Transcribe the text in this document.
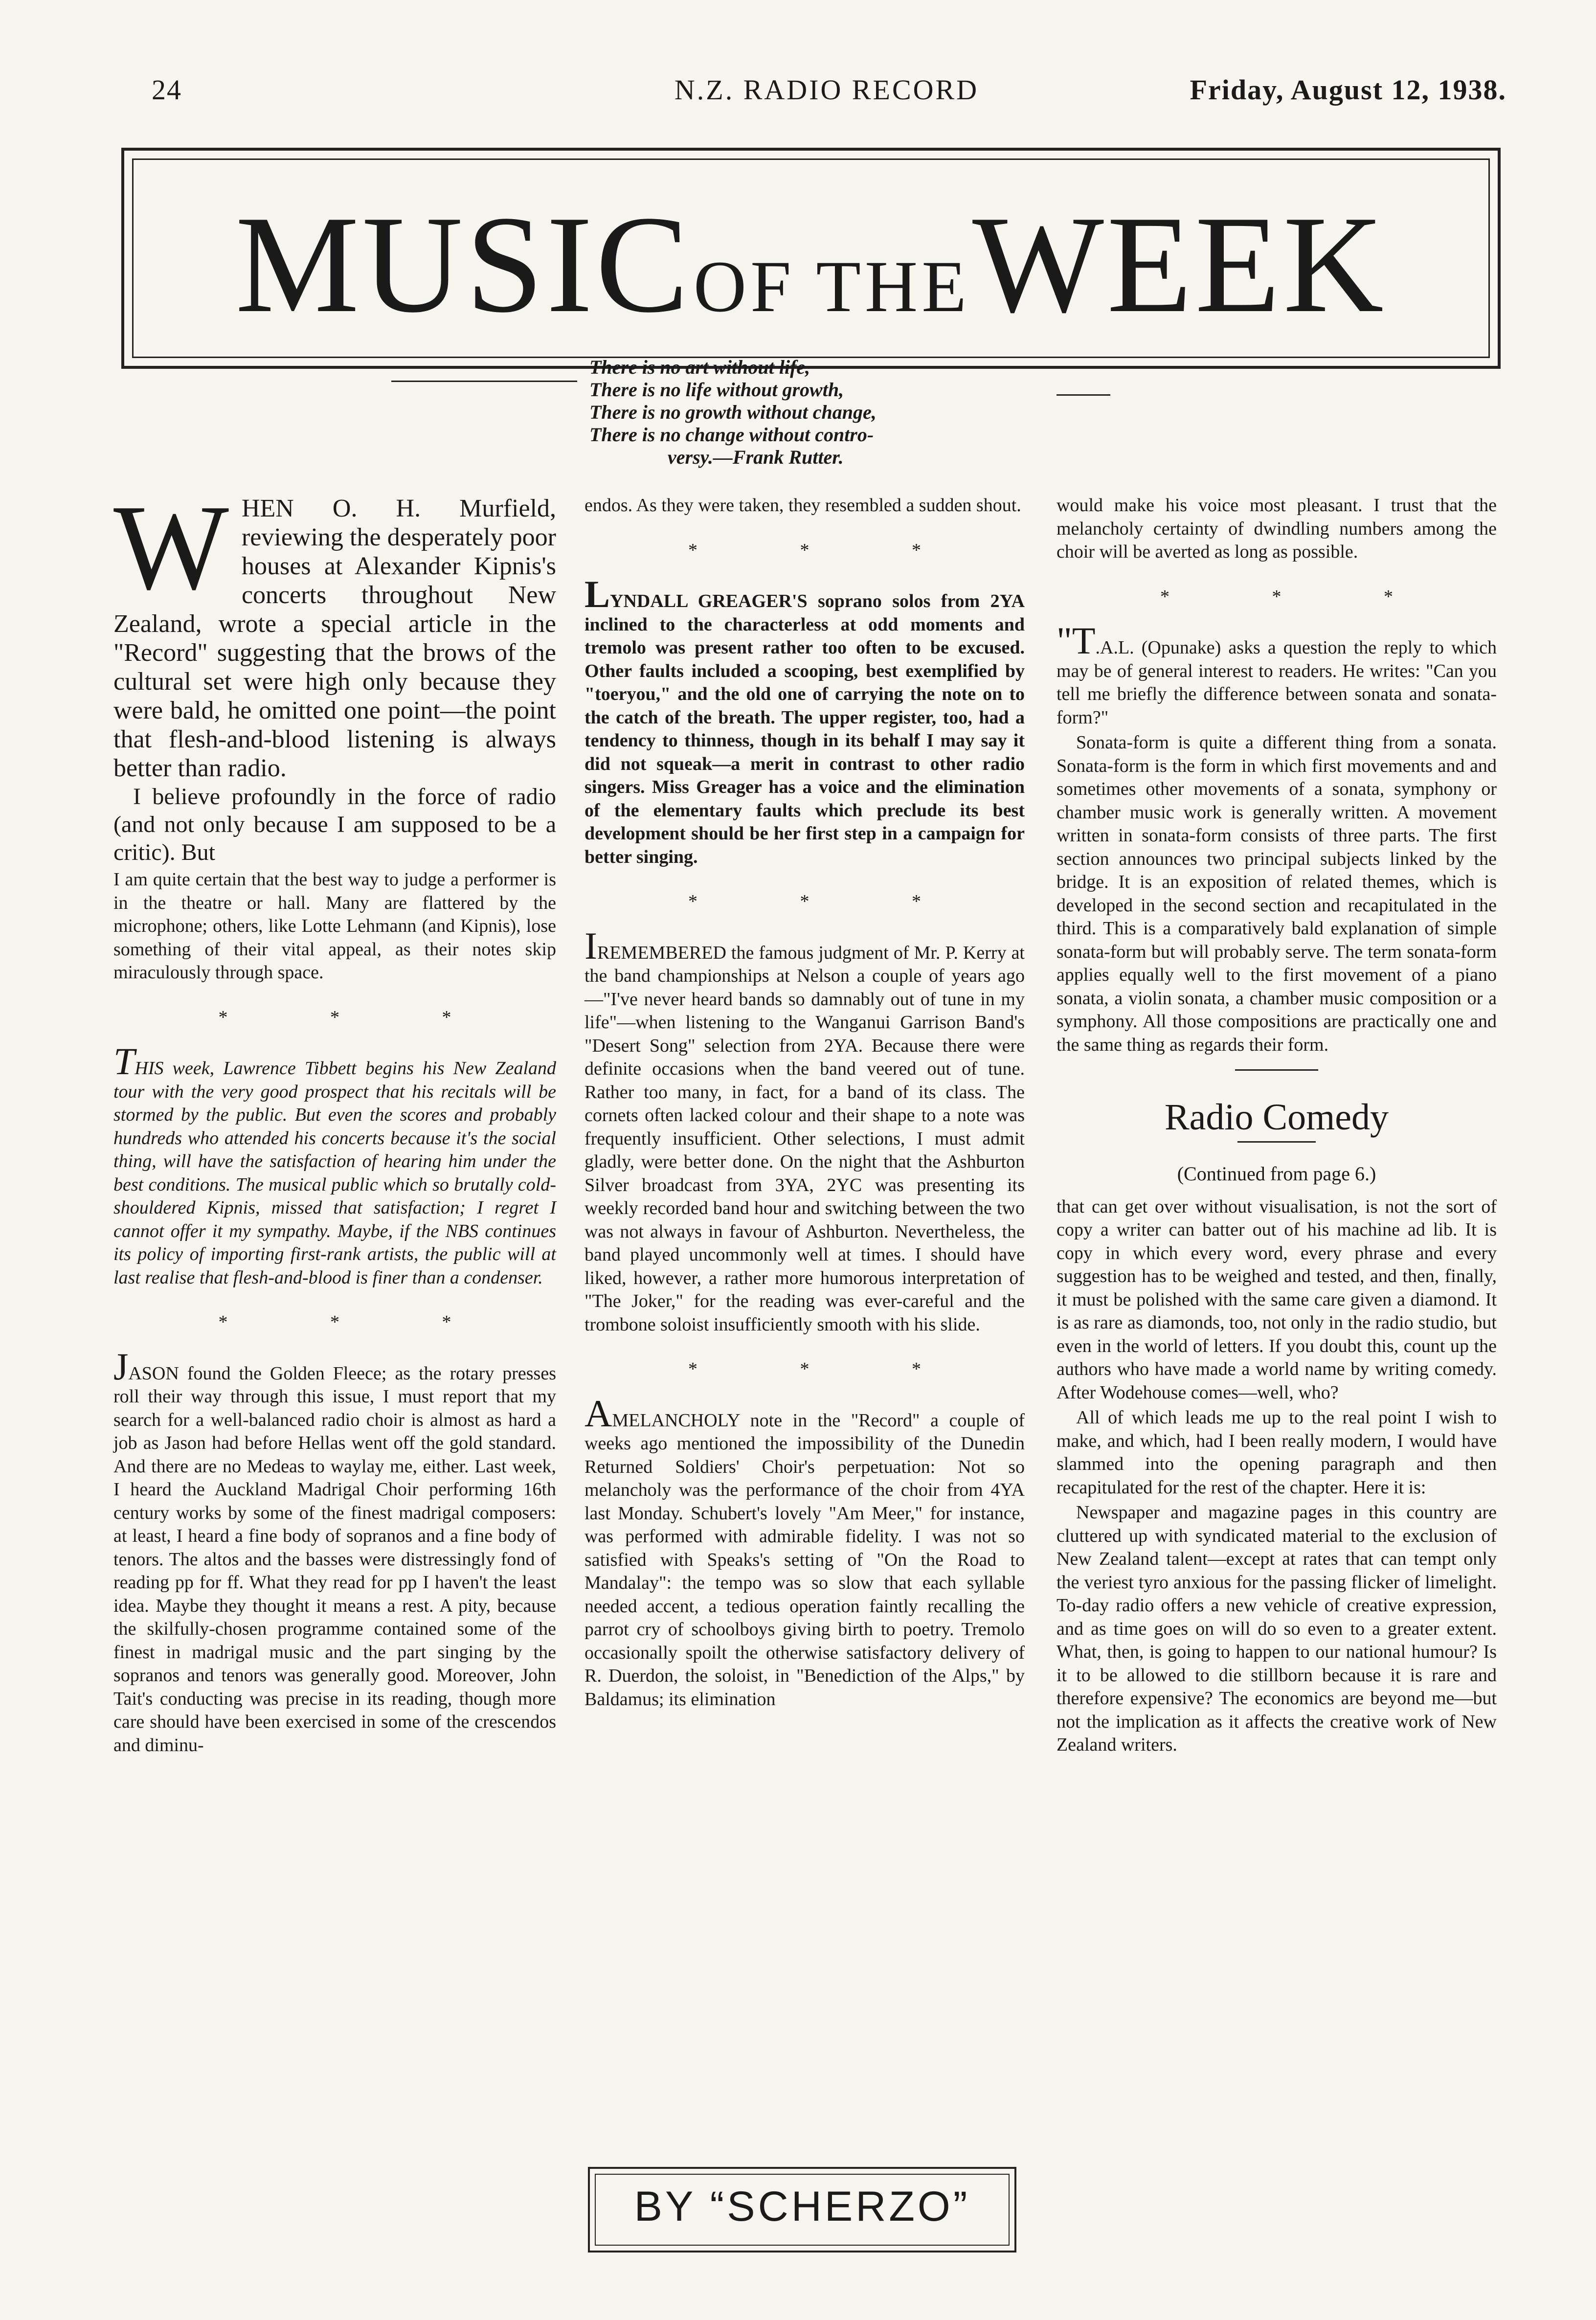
24	N.Z. RADIO RECORD	Friday, August 12, 1938.
MUSIC OF THE WEEK
There is no art without life,
There is no life without growth,
There is no growth without change,
There is no change without contro-
versy.—Frank Rutter.
W HEN O. H. Murfield, reviewing the desperately poor houses at Alexander Kipnis's concerts throughout New Zealand, wrote a special article in the "Record" suggesting that the brows of the cultural set were high only because they were bald, he omitted one point—the point that flesh-and-blood listening is always better than radio.

I believe profoundly in the force of radio (and not only because I am supposed to be a critic). But

I am quite certain that the best way to judge a performer is in the theatre or hall. Many are flattered by the microphone; others, like Lotte Lehmann (and Kipnis), lose something of their vital appeal, as their notes skip miraculously through space.

* * *

THIS week, Lawrence Tibbett begins his New Zealand tour with the very good prospect that his recitals will be stormed by the public. But even the scores and probably hundreds who attended his concerts because it's the social thing, will have the satisfaction of hearing him under the best conditions. The musical public which so brutally cold-shouldered Kipnis, missed that satisfaction; I regret I cannot offer it my sympathy. Maybe, if the NBS continues its policy of importing first-rank artists, the public will at last realise that flesh-and-blood is finer than a condenser.

* * *

JASON found the Golden Fleece; as the rotary presses roll their way through this issue, I must report that my search for a well-balanced radio choir is almost as hard a job as Jason had before Hellas went off the gold standard. And there are no Medeas to waylay me, either. Last week, I heard the Auckland Madrigal Choir performing 16th century works by some of the finest madrigal composers: at least, I heard a fine body of sopranos and a fine body of tenors. The altos and the basses were distressingly fond of reading pp for ff. What they read for pp I haven't the least idea. Maybe they thought it means a rest. A pity, because the skilfully-chosen programme contained some of the finest in madrigal music and the part singing by the sopranos and tenors was generally good. Moreover, John Tait's conducting was precise in its reading, though more care should have been exercised in some of the crescendos and diminu-

endos. As they were taken, they resembled a sudden shout.

* * *

LYNDALL GREAGER'S soprano solos from 2YA inclined to the characterless at odd moments and tremolo was present rather too often to be excused. Other faults included a scooping, best exemplified by "toeryou," and the old one of carrying the note on to the catch of the breath. The upper register, too, had a tendency to thinness, though in its behalf I may say it did not squeak—a merit in contrast to other radio singers. Miss Greager has a voice and the elimination of the elementary faults which preclude its best development should be her first step in a campaign for better singing.

* * *

IREMEMBERED the famous judgment of Mr. P. Kerry at the band championships at Nelson a couple of years ago—"I've never heard bands so damnably out of tune in my life"—when listening to the Wanganui Garrison Band's "Desert Song" selection from 2YA. Because there were definite occasions when the band veered out of tune. Rather too many, in fact, for a band of its class. The cornets often lacked colour and their shape to a note was frequently insufficient. Other selections, I must admit gladly, were better done. On the night that the Ashburton Silver broadcast from 3YA, 2YC was presenting its weekly recorded band hour and switching between the two was not always in favour of Ashburton. Nevertheless, the band played uncommonly well at times. I should have liked, however, a rather more humorous interpretation of "The Joker," for the reading was ever-careful and the trombone soloist insufficiently smooth with his slide.

* * *

AMELANCHOLY note in the "Record" a couple of weeks ago mentioned the impossibility of the Dunedin Returned Soldiers' Choir's perpetuation: Not so melancholy was the performance of the choir from 4YA last Monday. Schubert's lovely "Am Meer," for instance, was performed with admirable fidelity. I was not so satisfied with Speaks's setting of "On the Road to Mandalay": the tempo was so slow that each syllable needed accent, a tedious operation faintly recalling the parrot cry of schoolboys giving birth to poetry. Tremolo occasionally spoilt the otherwise satisfactory delivery of R. Duerdon, the soloist, in "Benediction of the Alps," by Baldamus; its elimination

would make his voice most pleasant. I trust that the melancholy certainty of dwindling numbers among the choir will be averted as long as possible.

* * *

"T.A.L. (Opunake) asks a question the reply to which may be of general interest to readers. He writes: "Can you tell me briefly the difference between sonata and sonata-form?"

Sonata-form is quite a different thing from a sonata. Sonata-form is the form in which first movements and and sometimes other movements of a sonata, symphony or chamber music work is generally written. A movement written in sonata-form consists of three parts. The first section announces two principal subjects linked by the bridge. It is an exposition of related themes, which is developed in the second section and recapitulated in the third. This is a comparatively bald explanation of simple sonata-form but will probably serve. The term sonata-form applies equally well to the first movement of a piano sonata, a violin sonata, a chamber music composition or a symphony. All those compositions are practically one and the same thing as regards their form.

Radio Comedy
(Continued from page 6.)

that can get over without visualisation, is not the sort of copy a writer can batter out of his machine ad lib. It is copy in which every word, every phrase and every suggestion has to be weighed and tested, and then, finally, it must be polished with the same care given a diamond. It is as rare as diamonds, too, not only in the radio studio, but even in the world of letters. If you doubt this, count up the authors who have made a world name by writing comedy. After Wodehouse comes—well, who?

All of which leads me up to the real point I wish to make, and which, had I been really modern, I would have slammed into the opening paragraph and then recapitulated for the rest of the chapter. Here it is:

Newspaper and magazine pages in this country are cluttered up with syndicated material to the exclusion of New Zealand talent—except at rates that can tempt only the veriest tyro anxious for the passing flicker of limelight. To-day radio offers a new vehicle of creative expression, and as time goes on will do so even to a greater extent. What, then, is going to happen to our national humour? Is it to be allowed to die stillborn because it is rare and therefore expensive? The economics are beyond me—but not the implication as it affects the creative work of New Zealand writers.

BY “SCHERZO”
